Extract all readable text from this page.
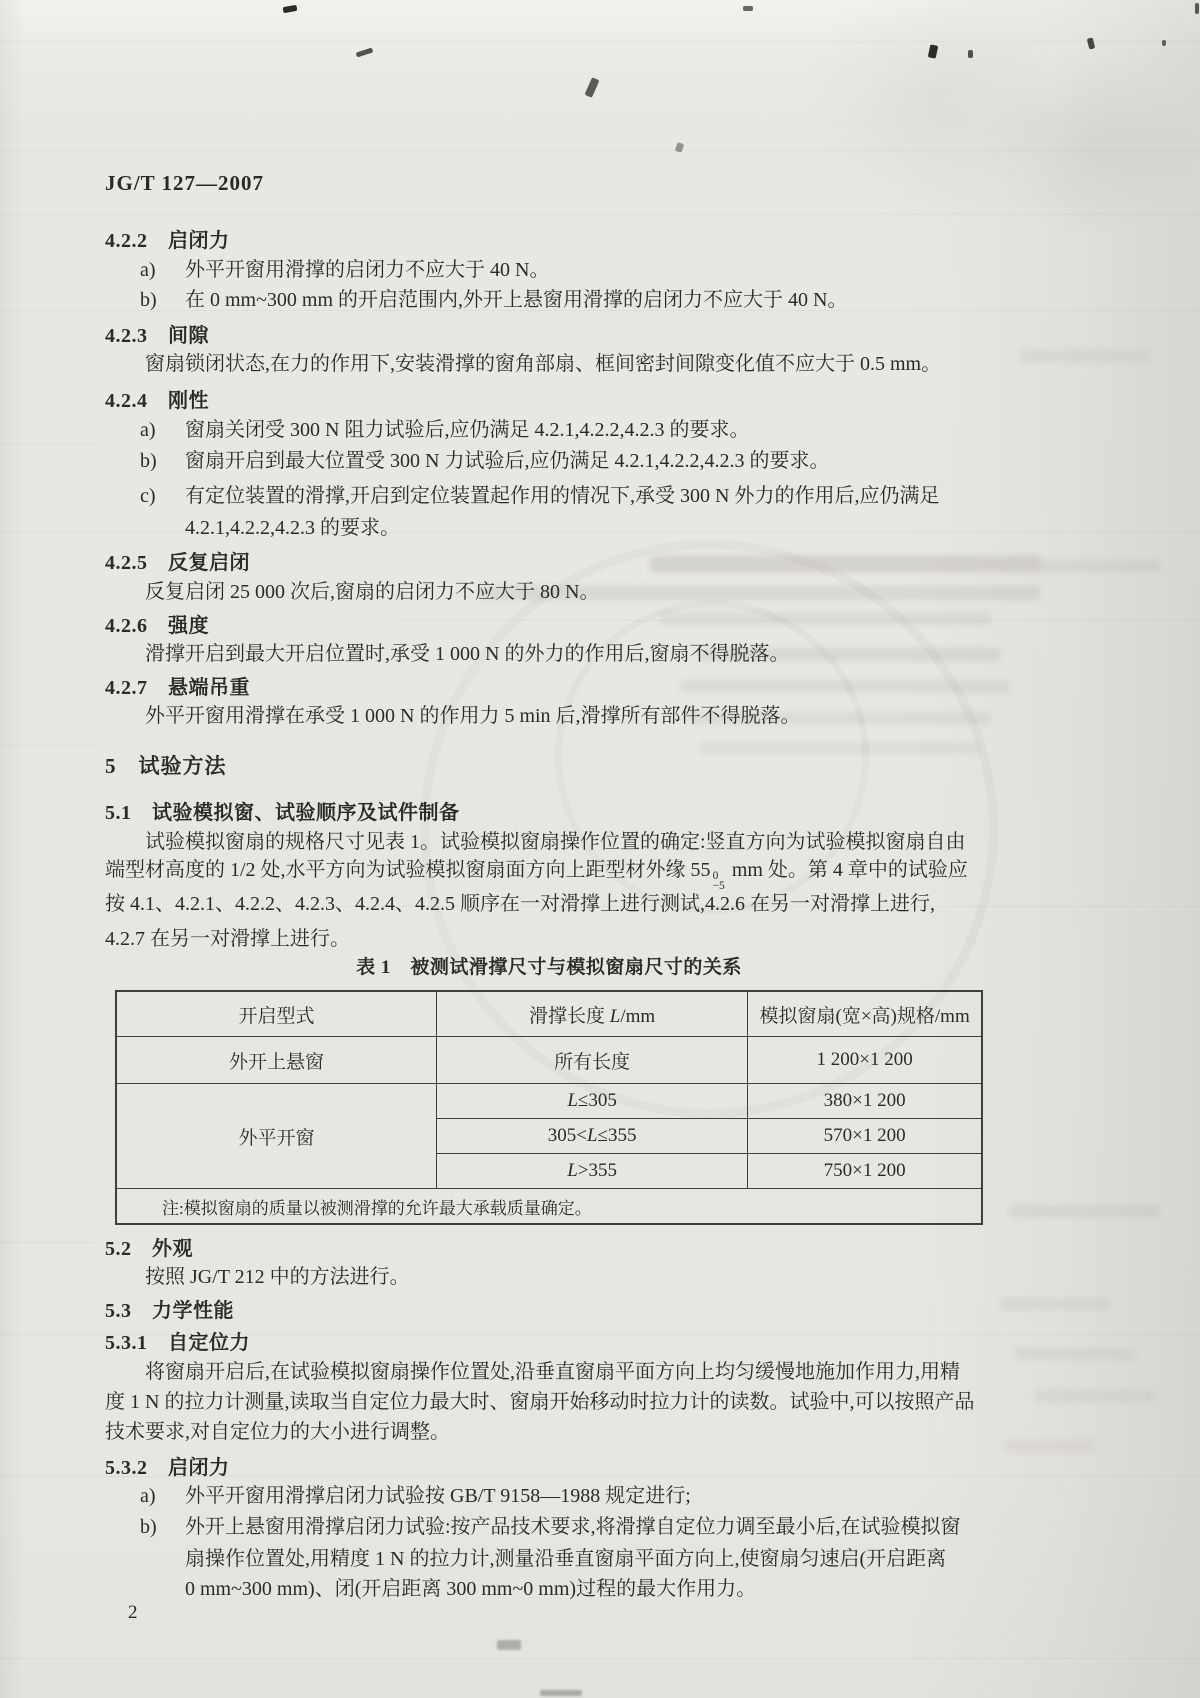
JG/T 127—2007
4.2.2　启闭力
a) 外平开窗用滑撑的启闭力不应大于 40 N。
b) 在 0 mm~300 mm 的开启范围内,外开上悬窗用滑撑的启闭力不应大于 40 N。
4.2.3　间隙
窗扇锁闭状态,在力的作用下,安装滑撑的窗角部扇、框间密封间隙变化值不应大于 0.5 mm。
4.2.4　刚性
a) 窗扇关闭受 300 N 阻力试验后,应仍满足 4.2.1,4.2.2,4.2.3 的要求。
b) 窗扇开启到最大位置受 300 N 力试验后,应仍满足 4.2.1,4.2.2,4.2.3 的要求。
c) 有定位装置的滑撑,开启到定位装置起作用的情况下,承受 300 N 外力的作用后,应仍满足
4.2.1,4.2.2,4.2.3 的要求。
4.2.5　反复启闭
反复启闭 25 000 次后,窗扇的启闭力不应大于 80 N。
4.2.6　强度
滑撑开启到最大开启位置时,承受 1 000 N 的外力的作用后,窗扇不得脱落。
4.2.7　悬端吊重
外平开窗用滑撑在承受 1 000 N 的作用力 5 min 后,滑撑所有部件不得脱落。
5　试验方法
5.1　试验模拟窗、试验顺序及试件制备
试验模拟窗扇的规格尺寸见表 1。试验模拟窗扇操作位置的确定:竖直方向为试验模拟窗扇自由
端型材高度的 1/2 处,水平方向为试验模拟窗扇面方向上距型材外缘 55 0
−5
mm 处。第 4 章中的试验应
按 4.1、4.2.1、4.2.2、4.2.3、4.2.4、4.2.5 顺序在一对滑撑上进行测试,4.2.6 在另一对滑撑上进行,
4.2.7 在另一对滑撑上进行。
表 1　被测试滑撑尺寸与模拟窗扇尺寸的关系
开启型式	滑撑长度 L/mm	模拟窗扇(宽×高)规格/mm
外开上悬窗	所有长度	1 200×1 200
外平开窗	L≤305	380×1 200
	305<L≤355	570×1 200
	L>355	750×1 200
注:模拟窗扇的质量以被测滑撑的允许最大承载质量确定。		
5.2　外观
按照 JG/T 212 中的方法进行。
5.3　力学性能
5.3.1　自定位力
将窗扇开启后,在试验模拟窗扇操作位置处,沿垂直窗扇平面方向上均匀缓慢地施加作用力,用精
度 1 N 的拉力计测量,读取当自定位力最大时、窗扇开始移动时拉力计的读数。试验中,可以按照产品
技术要求,对自定位力的大小进行调整。
5.3.2　启闭力
a) 外平开窗用滑撑启闭力试验按 GB/T 9158—1988 规定进行;
b) 外开上悬窗用滑撑启闭力试验:按产品技术要求,将滑撑自定位力调至最小后,在试验模拟窗
扇操作位置处,用精度 1 N 的拉力计,测量沿垂直窗扇平面方向上,使窗扇匀速启(开启距离
0 mm~300 mm)、闭(开启距离 300 mm~0 mm)过程的最大作用力。
2
